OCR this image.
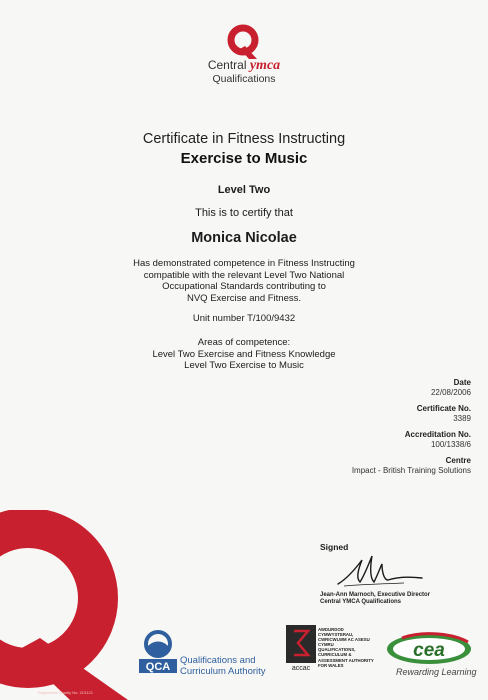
Central ymca
Qualifications
Certificate in Fitness Instructing
Exercise to Music
Level Two
This is to certify that
Monica Nicolae
Has demonstrated competence in Fitness Instructing
compatible with the relevant Level Two National
Occupational Standards contributing to
NVQ Exercise and Fitness.
Unit number T/100/9432
Areas of competence:
Level Two Exercise and Fitness Knowledge
Level Two Exercise to Music
Date
22/08/2006
Certificate No.
3389
Accreditation No.
100/1338/6
Centre
Impact - British Training Solutions
Signed
Jean-Ann Marnoch, Executive Director
Central YMCA Qualifications
QCA
Qualifications and
Curriculum Authority	accac
AWDURDOD
CYMWYSTERAU,
CWRICWLWM AC ASESU
CYMRU
QUALIFICATIONS,
CURRICULUM &
ASSESSMENT AUTHORITY
FOR WALES
cea
Rewarding Learning
Registered Charity No. 213121
